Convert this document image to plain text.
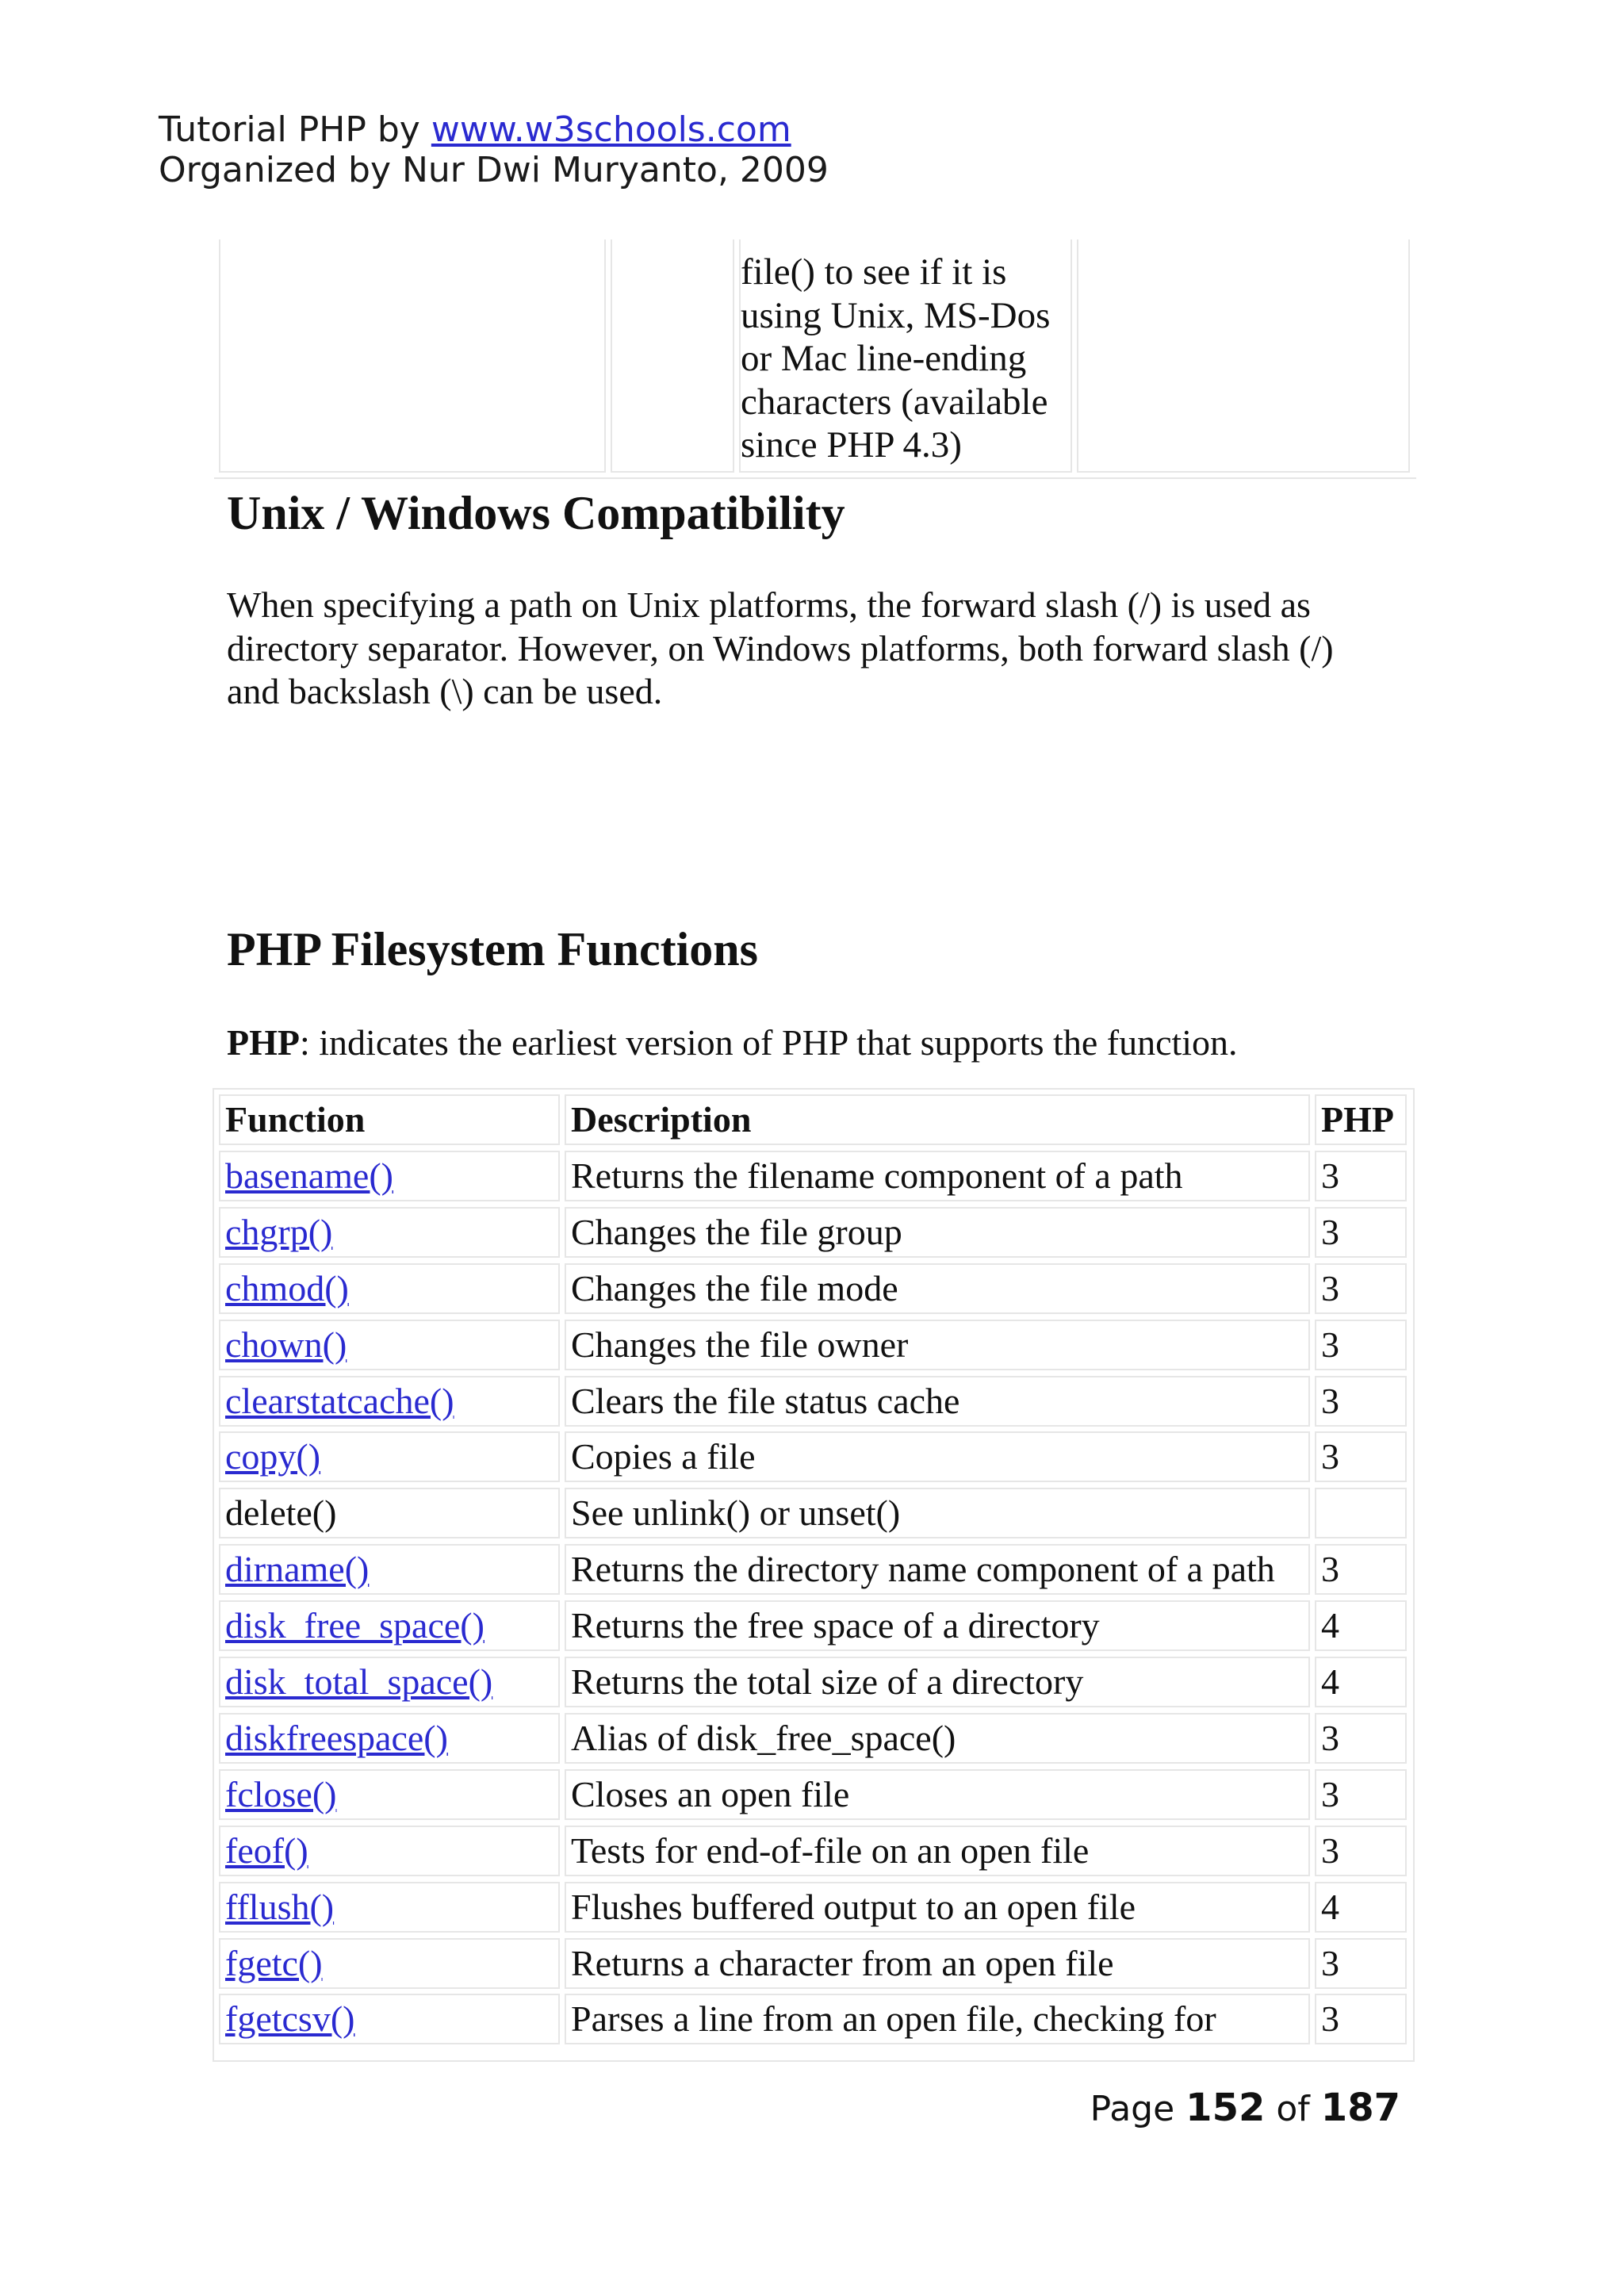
Tutorial PHP by www.w3schools.com
Organized by Nur Dwi Muryanto, 2009
file() to see if it is
using Unix, MS-Dos
or Mac line-ending
characters (available
since PHP 4.3)
Unix / Windows Compatibility

When specifying a path on Unix platforms, the forward slash (/) is used as directory separator. However, on Windows platforms, both forward slash (/) and backslash (\) can be used.

PHP Filesystem Functions

PHP: indicates the earliest version of PHP that supports the function.

Function	Description	PHP
basename()	Returns the filename component of a path	3
chgrp()	Changes the file group	3
chmod()	Changes the file mode	3
chown()	Changes the file owner	3
clearstatcache()	Clears the file status cache	3
copy()	Copies a file	3
delete()	See unlink() or unset()
dirname()	Returns the directory name component of a path	3
disk_free_space()	Returns the free space of a directory	4
disk_total_space()	Returns the total size of a directory	4
diskfreespace()	Alias of disk_free_space()	3
fclose()	Closes an open file	3
feof()	Tests for end-of-file on an open file	3
fflush()	Flushes buffered output to an open file	4
fgetc()	Returns a character from an open file	3
fgetcsv()	Parses a line from an open file, checking for	3
Page 152 of 187
